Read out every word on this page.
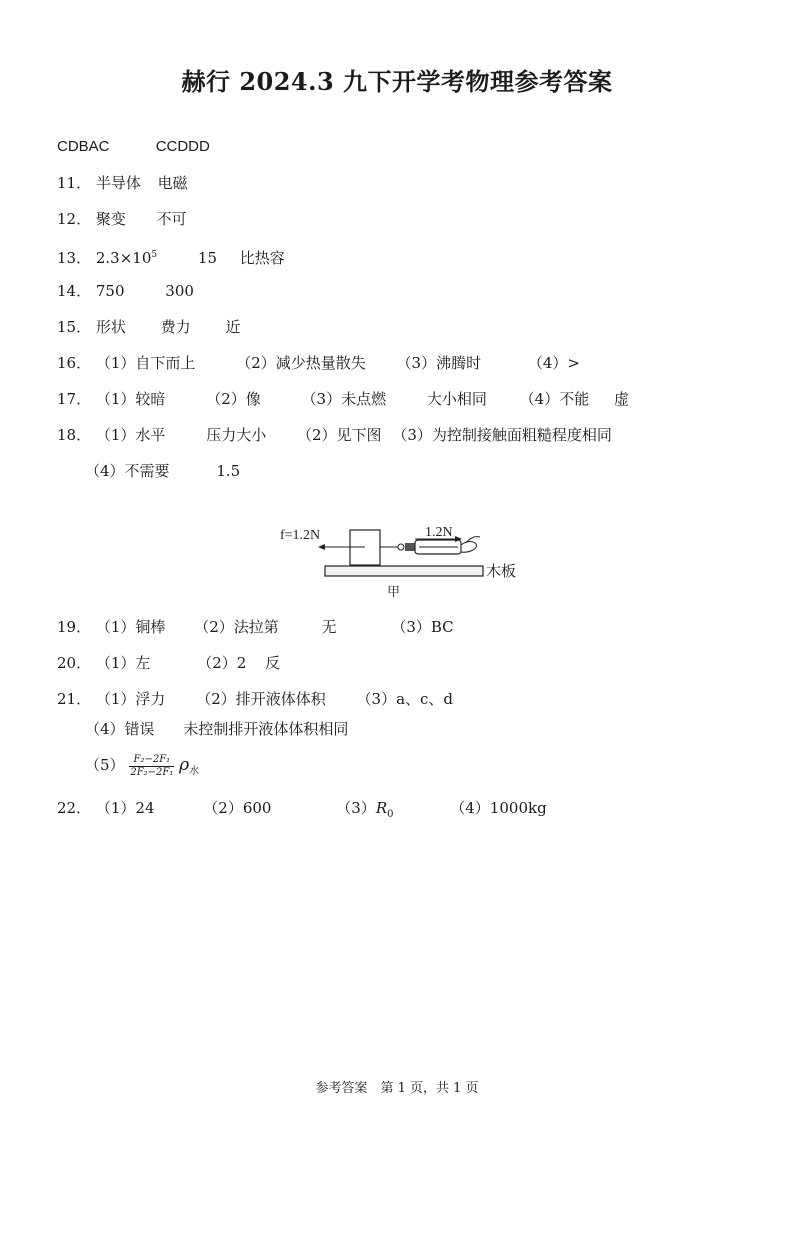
赫行 2024.3 九下开学考物理参考答案
CDBAC	CCDDD
11． 半导体 电磁
12． 聚变 不可
13． 2.3×105	15 比热容
14． 750	300
15． 形状 费力 近
16． （1）自下而上	（2）减少热量散失 （3）沸腾时	（4）>
17． （1）较暗	（2）像	（3）未点燃	大小相同 （4）不能 虚
18． （1）水平	压力大小 （2）见下图 （3）为控制接触面粗糙程度相同
（4）不需要	1.5
f=1.2N	1.2N
木板
甲
19． （1）铜棒 （2）法拉第	无	（3）BC
20． （1）左	（2）2 反
21． （1）浮力 （2）排开液体体积 （3）a、c、d
（4）错误 未控制排开液体体积相同
$(5) \frac{\text{F₂−2F₁}}{\text{2F₂−2F₁}}$ ρ水
22． （1）24	（2）600	（3）R0	（4）1000kg
参考答案　第 1 页，共 1 页
